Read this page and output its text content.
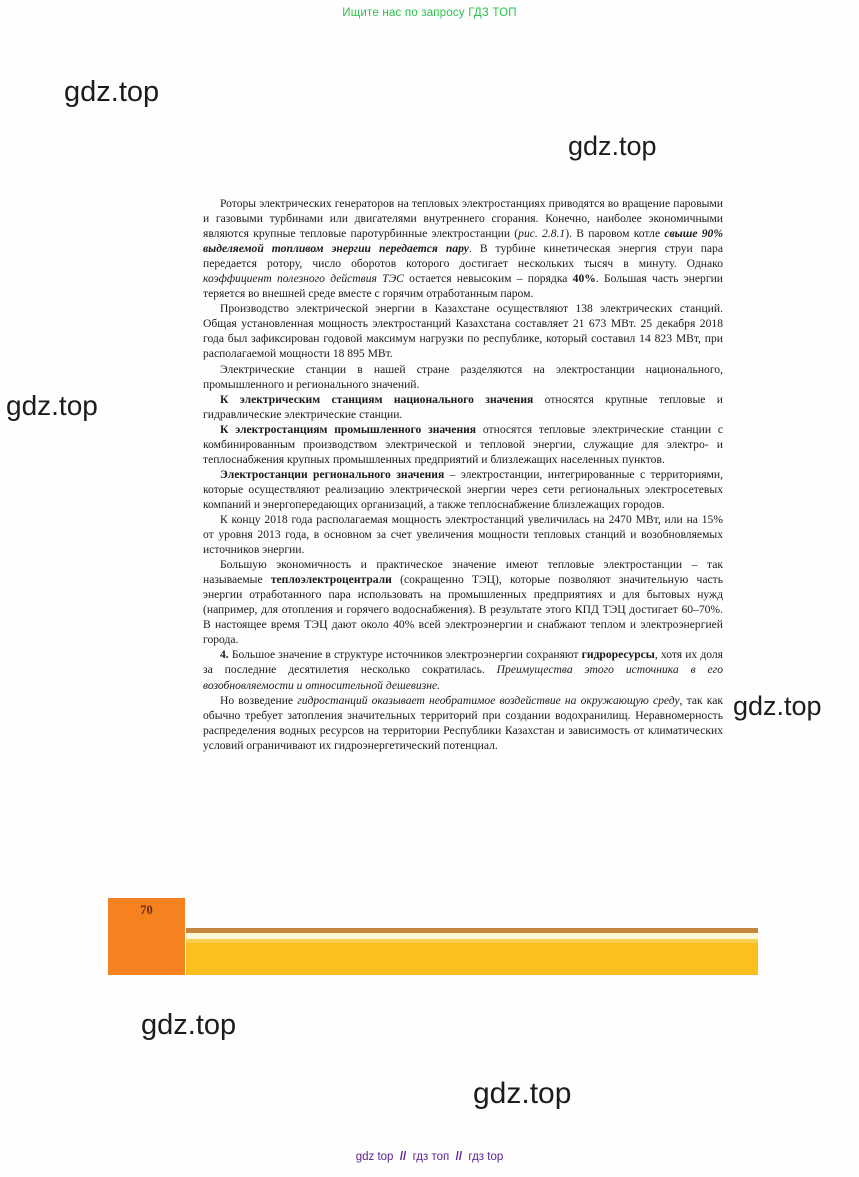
Ищите нас по запросу ГДЗ ТОП
gdz.top
gdz.top
gdz.top
gdz.top
gdz.top
gdz.top

Роторы электрических генераторов на тепловых электростанциях приводятся во вращение паровыми и газовыми турбинами или двигателями внутреннего сгорания. Конечно, наиболее экономичными являются крупные тепловые паротурбинные электростанции (рис. 2.8.1). В паровом котле свыше 90% выделяемой топливом энергии передается пару. В турбине кинетическая энергия струи пара передается ротору, число оборотов которого достигает нескольких тысяч в минуту. Однако коэффициент полезного действия ТЭС остается невысоким – порядка 40%. Большая часть энергии теряется во внешней среде вместе с горячим отработанным паром.

Производство электрической энергии в Казахстане осуществляют 138 электрических станций. Общая установленная мощность электростанций Казахстана составляет 21 673 МВт. 25 декабря 2018 года был зафиксирован годовой максимум нагрузки по республике, который составил 14 823 МВт, при располагаемой мощности 18 895 МВт.

Электрические станции в нашей стране разделяются на электростанции национального, промышленного и регионального значений.

К электрическим станциям национального значения относятся крупные тепловые и гидравлические электрические станции.

К электростанциям промышленного значения относятся тепловые электрические станции с комбинированным производством электрической и тепловой энергии, служащие для электро- и теплоснабжения крупных промышленных предприятий и близлежащих населенных пунктов.

Электростанции регионального значения – электростанции, интегрированные с территориями, которые осуществляют реализацию электрической энергии через сети региональных электросетевых компаний и энергопередающих организаций, а также теплоснабжение близлежащих городов.

К концу 2018 года располагаемая мощность электростанций увеличилась на 2470 МВт, или на 15% от уровня 2013 года, в основном за счет увеличения мощности тепловых станций и возобновляемых источников энергии.

Большую экономичность и практическое значение имеют тепловые электростанции – так называемые теплоэлектроцентрали (сокращенно ТЭЦ), которые позволяют значительную часть энергии отработанного пара использовать на промышленных предприятиях и для бытовых нужд (например, для отопления и горячего водоснабжения). В результате этого КПД ТЭЦ достигает 60–70%. В настоящее время ТЭЦ дают около 40% всей электроэнергии и снабжают теплом и электроэнергией города.

4. Большое значение в структуре источников электроэнергии сохраняют гидроресурсы, хотя их доля за последние десятилетия несколько сократилась. Преимущества этого источника в его возобновляемости и относительной дешевизне.

Но возведение гидростанций оказывает необратимое воздействие на окружающую среду, так как обычно требует затопления значительных территорий при создании водохранилищ. Неравномерность распределения водных ресурсов на территории Республики Казахстан и зависимость от климатических условий ограничивают их гидроэнергетический потенциал.

70
gdz top // гдз топ // гдз top
